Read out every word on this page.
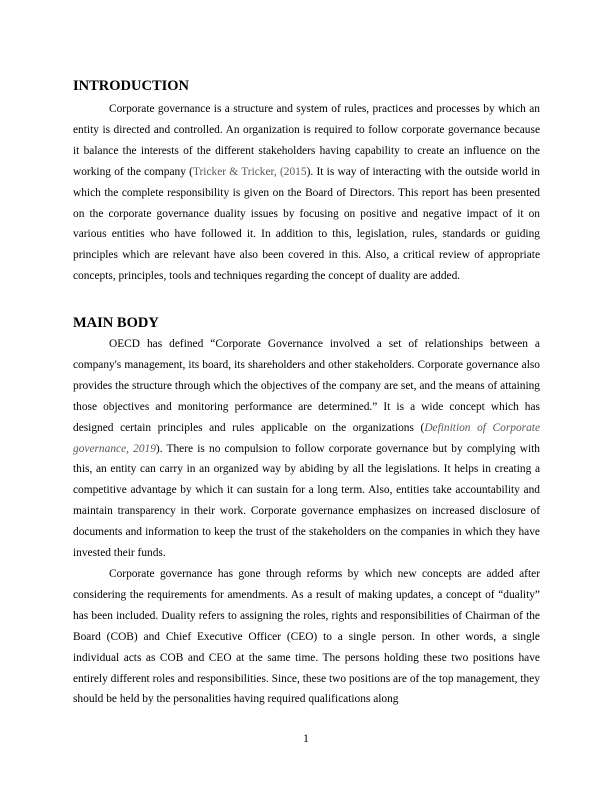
INTRODUCTION

Corporate governance is a structure and system of rules, practices and processes by which an entity is directed and controlled. An organization is required to follow corporate governance because it balance the interests of the different stakeholders having capability to create an influence on the working of the company (Tricker & Tricker, (2015). It is way of interacting with the outside world in which the complete responsibility is given on the Board of Directors. This report has been presented on the corporate governance duality issues by focusing on positive and negative impact of it on various entities who have followed it. In addition to this, legislation, rules, standards or guiding principles which are relevant have also been covered in this. Also, a critical review of appropriate concepts, principles, tools and techniques regarding the concept of duality are added.

MAIN BODY

OECD has defined “Corporate Governance involved a set of relationships between a company's management, its board, its shareholders and other stakeholders. Corporate governance also provides the structure through which the objectives of the company are set, and the means of attaining those objectives and monitoring performance are determined.” It is a wide concept which has designed certain principles and rules applicable on the organizations (Definition of Corporate governance, 2019). There is no compulsion to follow corporate governance but by complying with this, an entity can carry in an organized way by abiding by all the legislations. It helps in creating a competitive advantage by which it can sustain for a long term. Also, entities take accountability and maintain transparency in their work. Corporate governance emphasizes on increased disclosure of documents and information to keep the trust of the stakeholders on the companies in which they have invested their funds.

Corporate governance has gone through reforms by which new concepts are added after considering the requirements for amendments. As a result of making updates, a concept of “duality” has been included. Duality refers to assigning the roles, rights and responsibilities of Chairman of the Board (COB) and Chief Executive Officer (CEO) to a single person. In other words, a single individual acts as COB and CEO at the same time. The persons holding these two positions have entirely different roles and responsibilities. Since, these two positions are of the top management, they should be held by the personalities having required qualifications along

1
